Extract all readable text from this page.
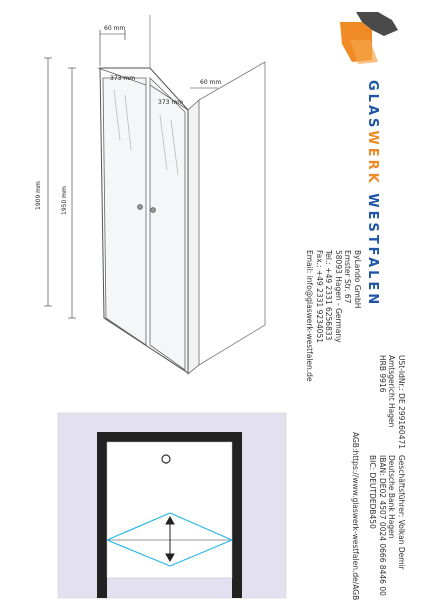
60 mm
373 mm
373 mm
60 mm
1909 mm	1950 mm
GLASWERK WESTFALEN
ByLando GmbH
Emster Str. 67
58093 Hagen - Germany
Tel.: +49 2331 6256833
Fax.: +49 2331 9234051
Email: info@glaswerk-westfalen.de
USt-IdNr.: DE 299160471
Amtsgericht Hagen
HRB 9916
Geschäftsführer: Volkan Demir
Deutsche Bank Hagen
IBAN: DE02 4507 0024 0666 8446 00
BIC: DEUTDEDB450
AGB:https://www.glaswerk-westfalen.de/AGB
